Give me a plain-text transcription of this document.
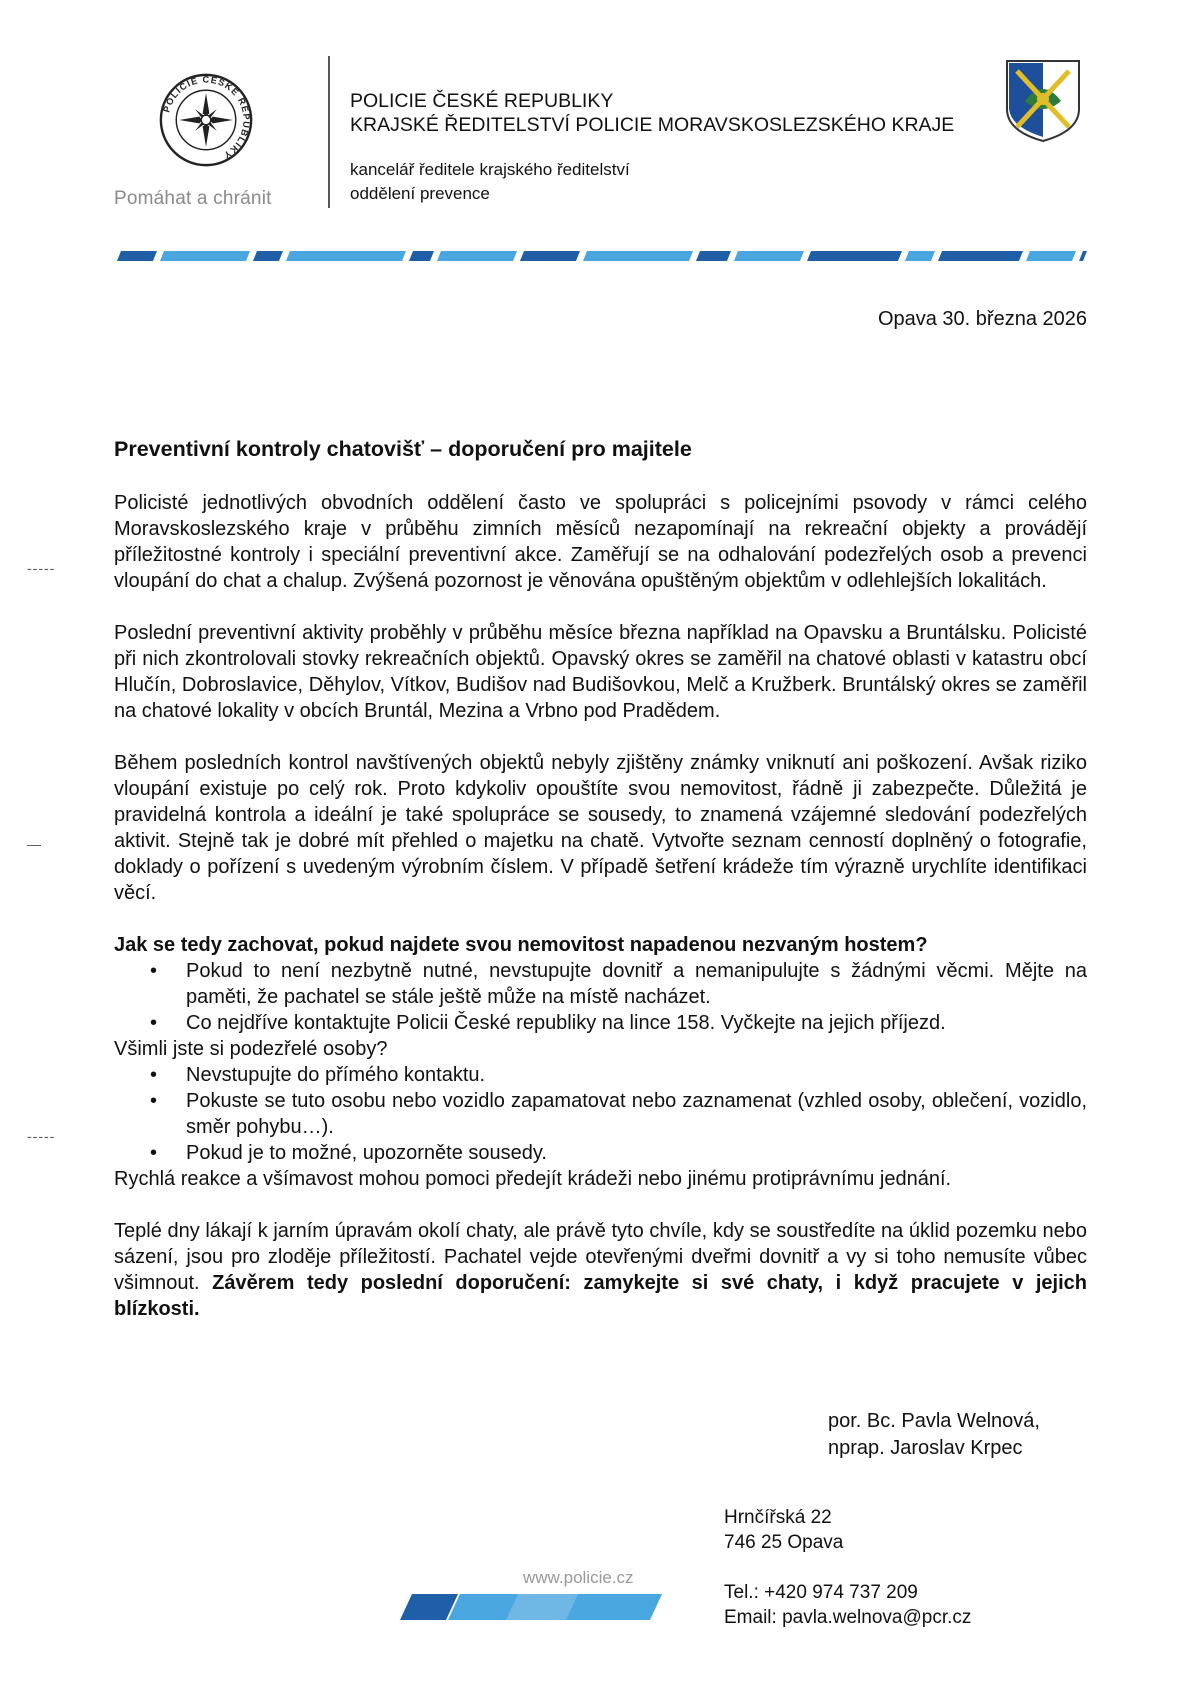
POLICIE ČESKÉ REPUBLIKY
Pomáhat a chránit
POLICIE ČESKÉ REPUBLIKY
KRAJSKÉ ŘEDITELSTVÍ POLICIE MORAVSKOSLEZSKÉHO KRAJE
kancelář ředitele krajského ředitelství
oddělení prevence
Opava 30. března 2026
Preventivní kontroly chatovišť – doporučení pro majitele

Policisté jednotlivých obvodních oddělení často ve spolupráci s policejními psovody v rámci celého Moravskoslezského kraje v průběhu zimních měsíců nezapomínají na rekreační objekty a provádějí příležitostné kontroly i speciální preventivní akce. Zaměřují se na odhalování podezřelých osob a prevenci vloupání do chat a chalup. Zvýšená pozornost je věnována opuštěným objektům v odlehlejších lokalitách.

Poslední preventivní aktivity proběhly v průběhu měsíce března například na Opavsku a Bruntálsku. Policisté při nich zkontrolovali stovky rekreačních objektů. Opavský okres se zaměřil na chatové oblasti v katastru obcí Hlučín, Dobroslavice, Děhylov, Vítkov, Budišov nad Budišovkou, Melč a Kružberk. Bruntálský okres se zaměřil na chatové lokality v obcích Bruntál, Mezina a Vrbno pod Pradědem.

Během posledních kontrol navštívených objektů nebyly zjištěny známky vniknutí ani poškození. Avšak riziko vloupání existuje po celý rok. Proto kdykoliv opouštíte svou nemovitost, řádně ji zabezpečte. Důležitá je pravidelná kontrola a ideální je také spolupráce se sousedy, to znamená vzájemné sledování podezřelých aktivit. Stejně tak je dobré mít přehled o majetku na chatě. Vytvořte seznam cenností doplněný o fotografie, doklady o pořízení s uvedeným výrobním číslem. V případě šetření krádeže tím výrazně urychlíte identifikaci věcí.

Jak se tedy zachovat, pokud najdete svou nemovitost napadenou nezvaným hostem?

• Pokud to není nezbytně nutné, nevstupujte dovnitř a nemanipulujte s žádnými věcmi. Mějte na paměti, že pachatel se stále ještě může na místě nacházet.
• Co nejdříve kontaktujte Policii České republiky na lince 158. Vyčkejte na jejich příjezd.

Všimli jste si podezřelé osoby?

• Nevstupujte do přímého kontaktu.
• Pokuste se tuto osobu nebo vozidlo zapamatovat nebo zaznamenat (vzhled osoby, oblečení, vozidlo, směr pohybu…).
• Pokud je to možné, upozorněte sousedy.

Rychlá reakce a všímavost mohou pomoci předejít krádeži nebo jinému protiprávnímu jednání.

Teplé dny lákají k jarním úpravám okolí chaty, ale právě tyto chvíle, kdy se soustředíte na úklid pozemku nebo sázení, jsou pro zloděje příležitostí. Pachatel vejde otevřenými dveřmi dovnitř a vy si toho nemusíte vůbec všimnout. Závěrem tedy poslední doporučení: zamykejte si své chaty, i když pracujete v jejich blízkosti.

-----
—
-----
por. Bc. Pavla Welnová,
nprap. Jaroslav Krpec
www.policie.cz
Hrnčířská 22
746 25 Opava
Tel.: +420 974 737 209
Email: pavla.welnova@pcr.cz
